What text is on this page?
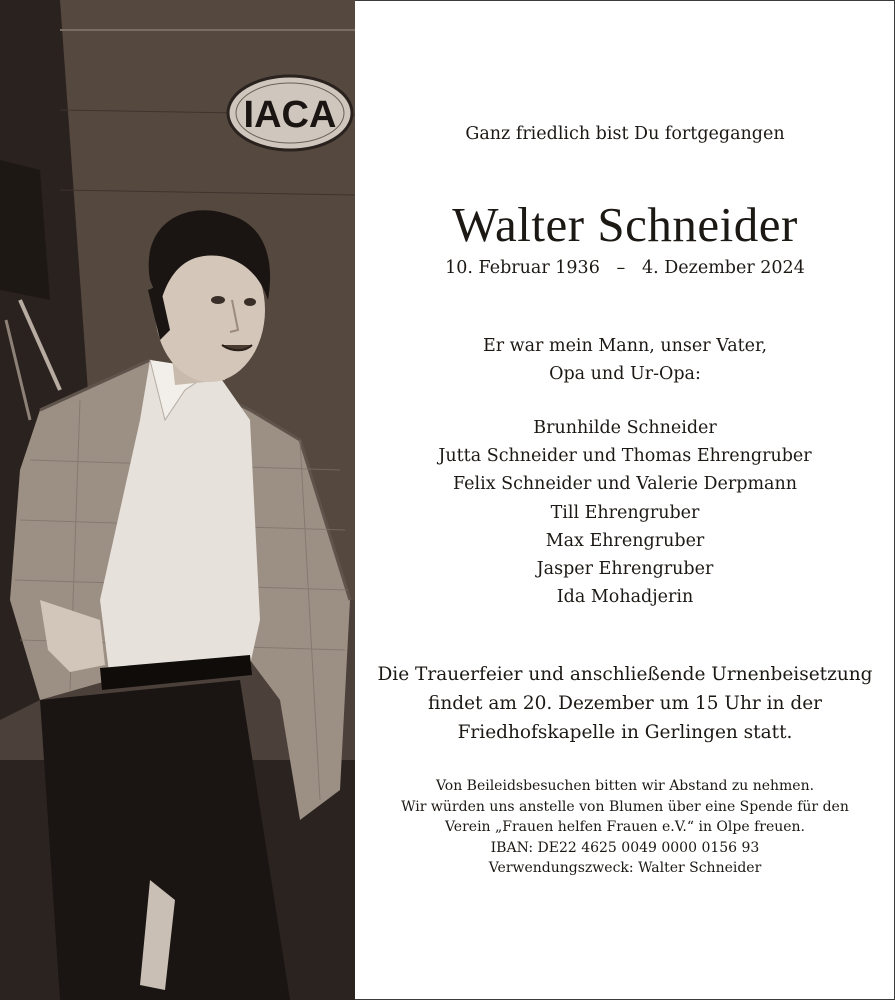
IACA	Ganz friedlich bist Du fortgegangen
Walter Schneider
10. Februar 1936 – 4. Dezember 2024
Er war mein Mann, unser Vater,
Opa und Ur-Opa:
Brunhilde Schneider
Jutta Schneider und Thomas Ehrengruber
Felix Schneider und Valerie Derpmann
Till Ehrengruber
Max Ehrengruber
Jasper Ehrengruber
Ida Mohadjerin
Die Trauerfeier und anschließende Urnenbeisetzung
findet am 20. Dezember um 15 Uhr in der
Friedhofskapelle in Gerlingen statt.
Von Beileidsbesuchen bitten wir Abstand zu nehmen.
Wir würden uns anstelle von Blumen über eine Spende für den
Verein „Frauen helfen Frauen e.V.“ in Olpe freuen.
IBAN: DE22 4625 0049 0000 0156 93
Verwendungszweck: Walter Schneider
